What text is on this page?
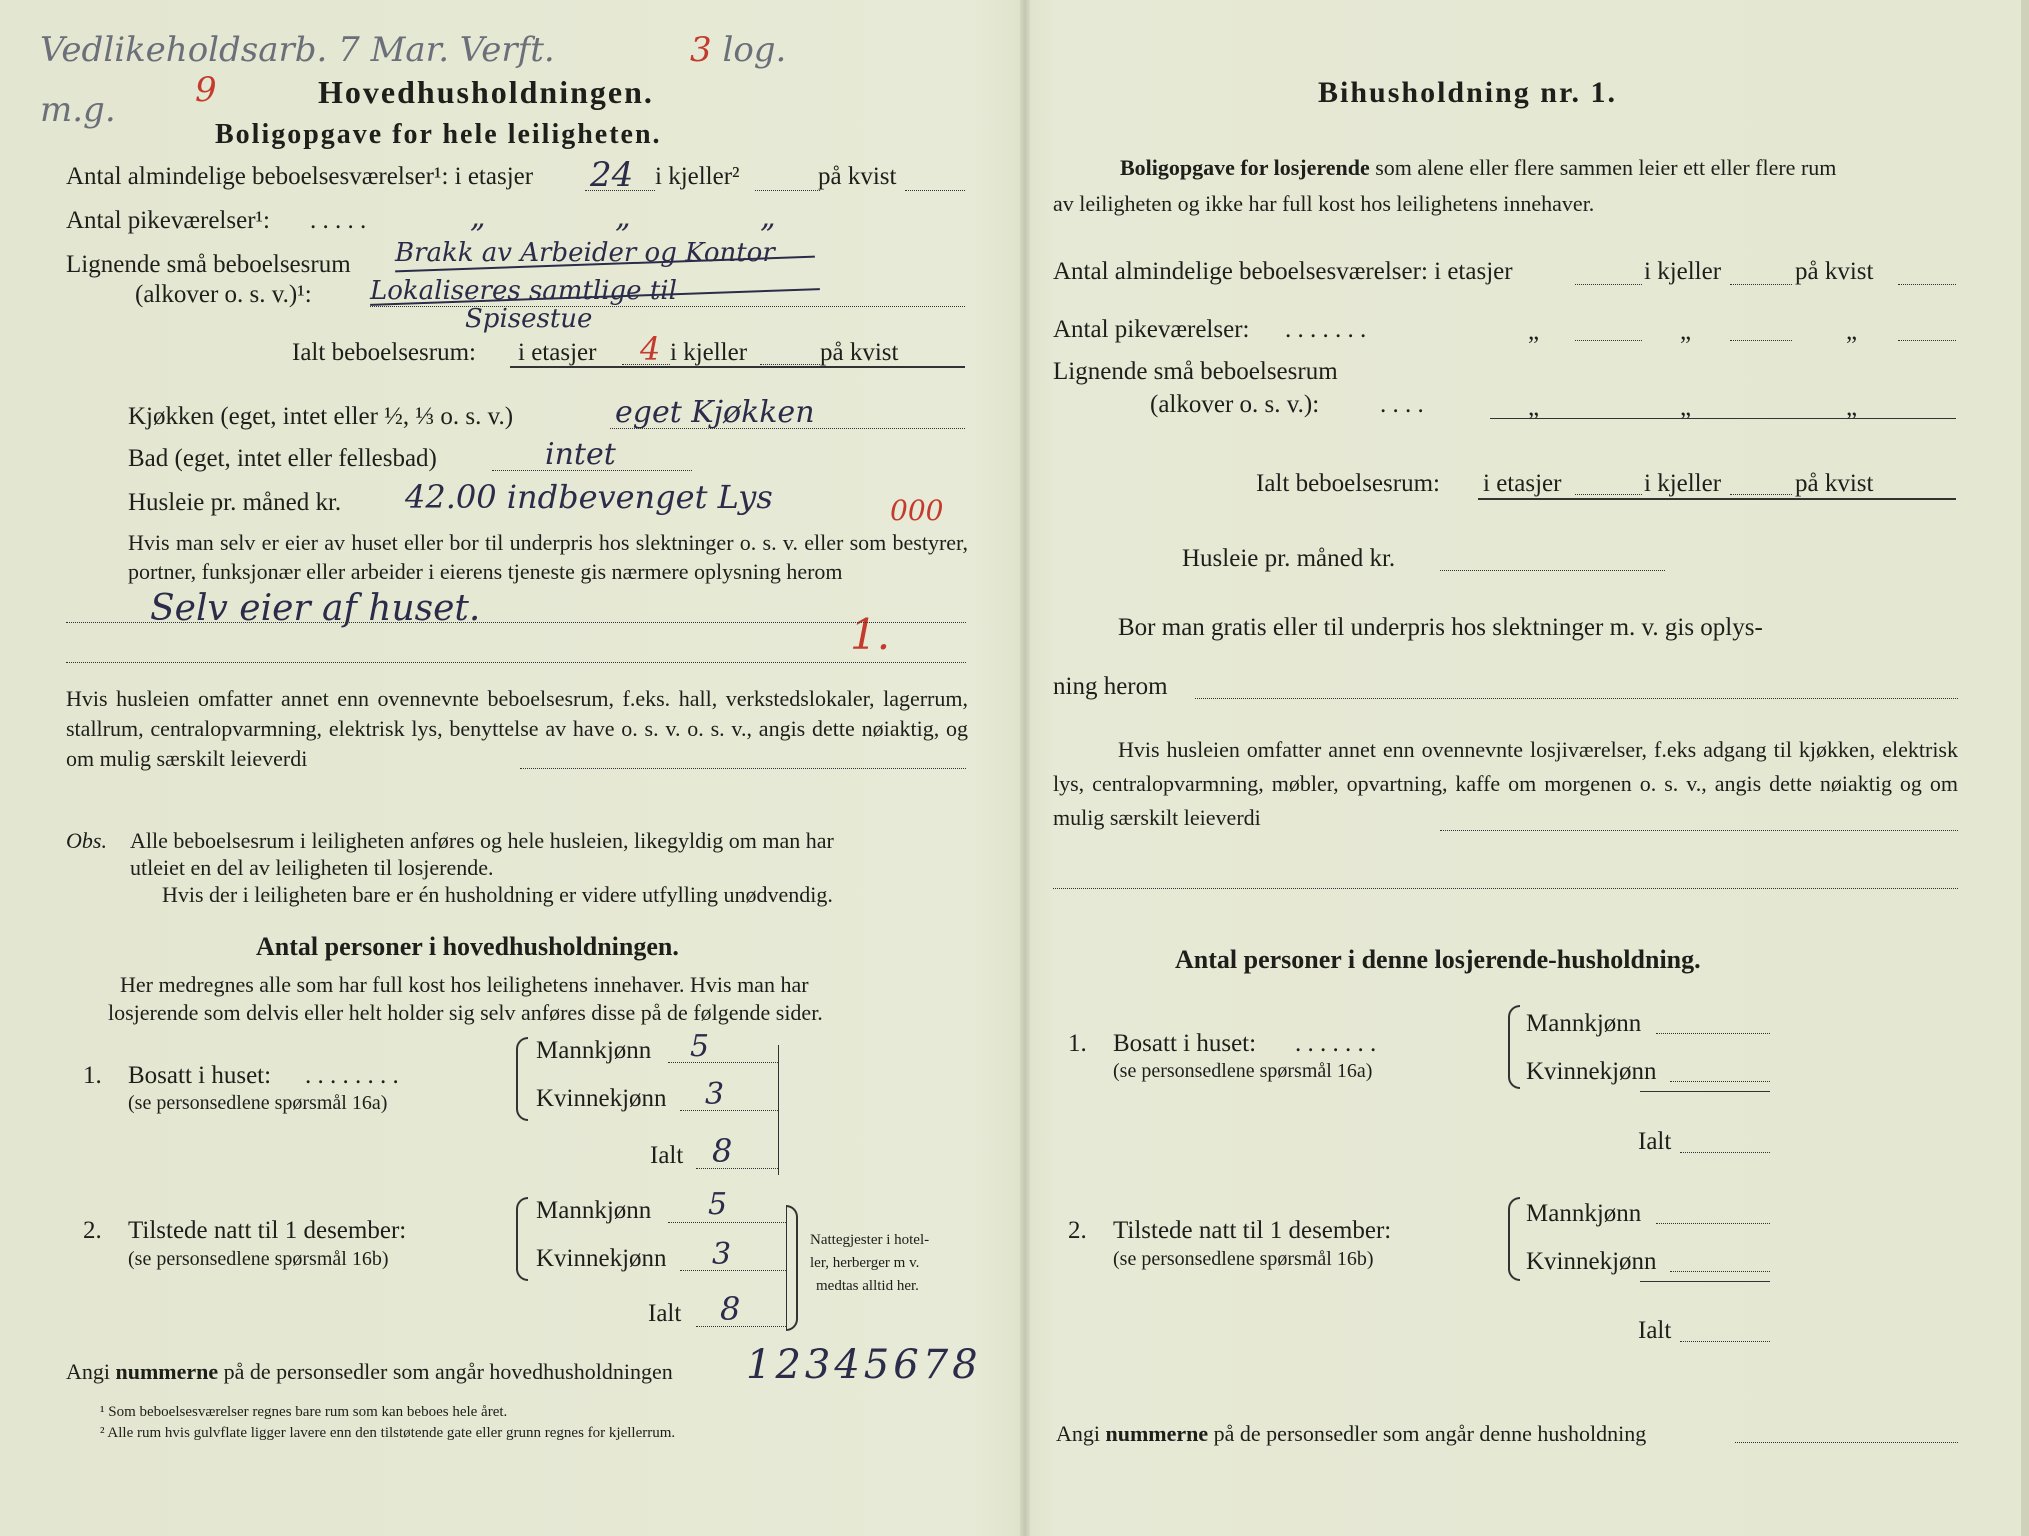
Vedlikeholdsarb. 7 Mar. Verft.	3 log.
m.g. 9	Hovedhusholdningen.
Boligopgave for hele leiligheten.
Antal almindelige beboelsesværelser¹: i etasjer 24 i kjeller²	på kvist
Antal pikeværelser¹: . . . . .	„ „ „
Lignende små beboelsesrum
(alkover o. s. v.)¹:
Brakk av Arbeider og Kontor
Lokaliseres samtlige til
Spisestue
Ialt beboelsesrum: i etasjer 4 i kjeller	på kvist
Kjøkken (eget, intet eller ½, ⅓ o. s. v.)	eget Kjøkken
Bad (eget, intet eller fellesbad)	intet
Husleie pr. måned kr. 42.00 indbevenget Lys	000
Hvis man selv er eier av huset eller bor til underpris hos slektninger o. s. v. eller som bestyrer, portner, funksjonær eller arbeider i eierens tjeneste gis nærmere oplysning herom
Selv eier af huset.
1.
Hvis husleien omfatter annet enn ovennevnte beboelsesrum, f.eks. hall, verkstedslokaler, lagerrum, stallrum, centralopvarmning, elektrisk lys, benyttelse av have o. s. v. o. s. v., angis dette nøiaktig, og om mulig særskilt leieverdi
Obs. Alle beboelsesrum i leiligheten anføres og hele husleien, likegyldig om man har
utleiet en del av leiligheten til losjerende.
Hvis der i leiligheten bare er én husholdning er videre utfylling unødvendig.
Antal personer i hovedhusholdningen.
Her medregnes alle som har full kost hos leilighetens innehaver. Hvis man har
losjerende som delvis eller helt holder sig selv anføres disse på de følgende sider.
1. Bosatt i huset: . . . . . . . .
(se personsedlene spørsmål 16a)
Mannkjønn 5
Kvinnekjønn 3
Ialt 8
2. Tilstede natt til 1 desember:
(se personsedlene spørsmål 16b)
Mannkjønn 5
Kvinnekjønn 3
Ialt 8
Nattegjester i hotel-
ler, herberger m v.
medtas alltid her.
Angi nummerne på de personsedler som angår hovedhusholdningen 12345678
¹ Som beboelsesværelser regnes bare rum som kan beboes hele året.
² Alle rum hvis gulvflate ligger lavere enn den tilstøtende gate eller grunn regnes for kjellerrum.
Bihusholdning nr. 1.
Boligopgave for losjerende som alene eller flere sammen leier ett eller flere rum
av leiligheten og ikke har full kost hos leilighetens innehaver.
Antal almindelige beboelsesværelser: i etasjer	i kjeller	på kvist
Antal pikeværelser: . . . . . . .	„	„	„
Lignende små beboelsesrum
(alkover o. s. v.): . . . .	„	„	„
Ialt beboelsesrum: i etasjer	i kjeller	på kvist
Husleie pr. måned kr.
Bor man gratis eller til underpris hos slektninger m. v. gis oplys-
ning herom
Hvis husleien omfatter annet enn ovennevnte losjiværelser, f.eks adgang til kjøkken, elektrisk lys, centralopvarmning, møbler, opvartning, kaffe om morgenen o. s. v., angis dette nøiaktig og om mulig særskilt leieverdi
Antal personer i denne losjerende-husholdning.
1. Bosatt i huset: . . . . . . .
(se personsedlene spørsmål 16a)
Mannkjønn
Kvinnekjønn
Ialt
2. Tilstede natt til 1 desember:
(se personsedlene spørsmål 16b)
Mannkjønn
Kvinnekjønn
Ialt
Angi nummerne på de personsedler som angår denne husholdning
